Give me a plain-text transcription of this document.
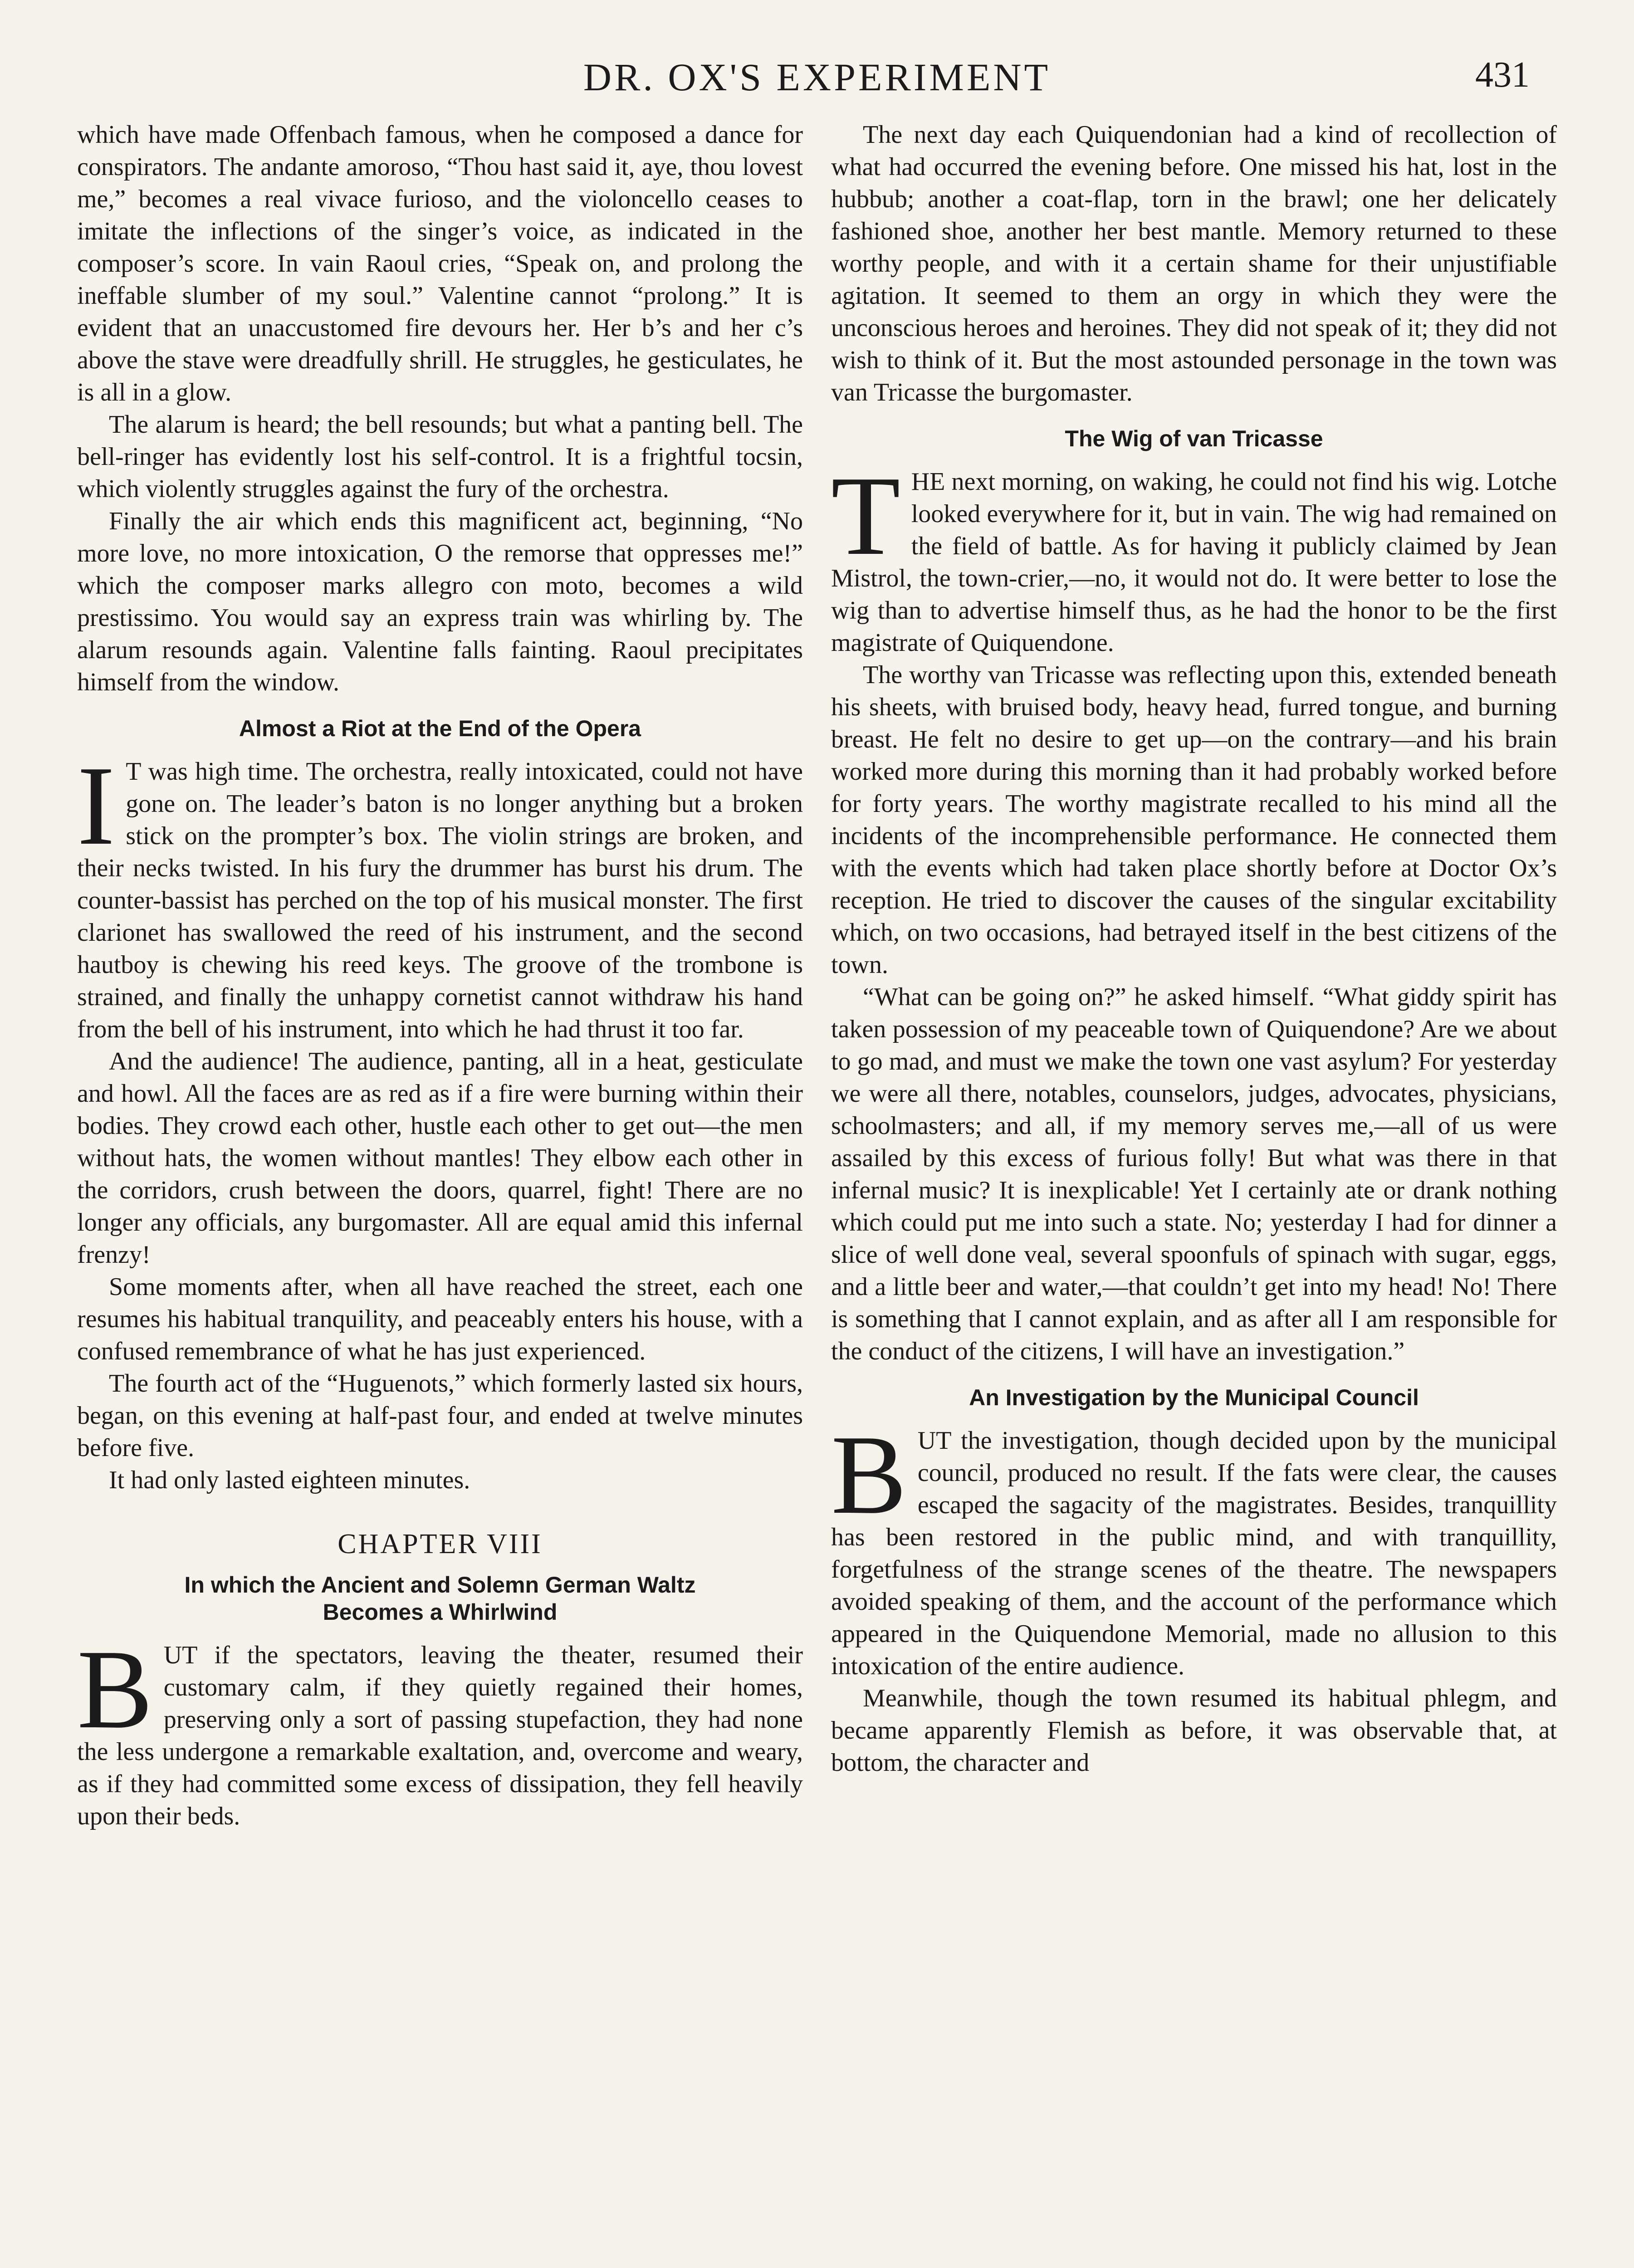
DR. OX'S EXPERIMENT	431

which have made Offenbach famous, when he composed a dance for conspirators. The andante amoroso, “Thou hast said it, aye, thou lovest me,” becomes a real vivace furioso, and the violoncello ceases to imitate the inflections of the singer’s voice, as indicated in the composer’s score. In vain Raoul cries, “Speak on, and prolong the ineffable slumber of my soul.” Valentine cannot “prolong.” It is evident that an unaccustomed fire devours her. Her b’s and her c’s above the stave were dreadfully shrill. He struggles, he gesticulates, he is all in a glow.

The alarum is heard; the bell resounds; but what a panting bell. The bell-ringer has evidently lost his self-control. It is a frightful tocsin, which violently struggles against the fury of the orchestra.

Finally the air which ends this magnificent act, beginning, “No more love, no more intoxication, O the remorse that oppresses me!” which the composer marks allegro con moto, becomes a wild prestissimo. You would say an express train was whirling by. The alarum resounds again. Valentine falls fainting. Raoul precipitates himself from the window.

Almost a Riot at the End of the Opera

I T was high time. The orchestra, really intoxicated, could not have gone on. The leader’s baton is no longer anything but a broken stick on the prompter’s box. The violin strings are broken, and their necks twisted. In his fury the drummer has burst his drum. The counter-bassist has perched on the top of his musical monster. The first clarionet has swallowed the reed of his instrument, and the second hautboy is chewing his reed keys. The groove of the trombone is strained, and finally the unhappy cornetist cannot withdraw his hand from the bell of his instrument, into which he had thrust it too far.

And the audience! The audience, panting, all in a heat, gesticulate and howl. All the faces are as red as if a fire were burning within their bodies. They crowd each other, hustle each other to get out—the men without hats, the women without mantles! They elbow each other in the corridors, crush between the doors, quarrel, fight! There are no longer any officials, any burgomaster. All are equal amid this infernal frenzy!

Some moments after, when all have reached the street, each one resumes his habitual tranquility, and peaceably enters his house, with a confused remembrance of what he has just experienced.

The fourth act of the “Huguenots,” which formerly lasted six hours, began, on this evening at half-past four, and ended at twelve minutes before five.

It had only lasted eighteen minutes.

CHAPTER VIII
In which the Ancient and Solemn German Waltz
Becomes a Whirlwind

B UT if the spectators, leaving the theater, resumed their customary calm, if they quietly regained their homes, preserving only a sort of passing stupefaction, they had none the less undergone a remarkable exaltation, and, overcome and weary, as if they had committed some excess of dissipation, they fell heavily upon their beds.

The next day each Quiquendonian had a kind of recollection of what had occurred the evening before. One missed his hat, lost in the hubbub; another a coat-flap, torn in the brawl; one her delicately fashioned shoe, another her best mantle. Memory returned to these worthy people, and with it a certain shame for their unjustifiable agitation. It seemed to them an orgy in which they were the unconscious heroes and heroines. They did not speak of it; they did not wish to think of it. But the most astounded personage in the town was van Tricasse the burgomaster.

The Wig of van Tricasse

T HE next morning, on waking, he could not find his wig. Lotche looked everywhere for it, but in vain. The wig had remained on the field of battle. As for having it publicly claimed by Jean Mistrol, the town-crier,—no, it would not do. It were better to lose the wig than to advertise himself thus, as he had the honor to be the first magistrate of Quiquendone.

The worthy van Tricasse was reflecting upon this, extended beneath his sheets, with bruised body, heavy head, furred tongue, and burning breast. He felt no desire to get up—on the contrary—and his brain worked more during this morning than it had probably worked before for forty years. The worthy magistrate recalled to his mind all the incidents of the incomprehensible performance. He connected them with the events which had taken place shortly before at Doctor Ox’s reception. He tried to discover the causes of the singular excitability which, on two occasions, had betrayed itself in the best citizens of the town.

“What can be going on?” he asked himself. “What giddy spirit has taken possession of my peaceable town of Quiquendone? Are we about to go mad, and must we make the town one vast asylum? For yesterday we were all there, notables, counselors, judges, advocates, physicians, schoolmasters; and all, if my memory serves me,—all of us were assailed by this excess of furious folly! But what was there in that infernal music? It is inexplicable! Yet I certainly ate or drank nothing which could put me into such a state. No; yesterday I had for dinner a slice of well done veal, several spoonfuls of spinach with sugar, eggs, and a little beer and water,—that couldn’t get into my head! No! There is something that I cannot explain, and as after all I am responsible for the conduct of the citizens, I will have an investigation.”

An Investigation by the Municipal Council

B UT the investigation, though decided upon by the municipal council, produced no result. If the fats were clear, the causes escaped the sagacity of the magistrates. Besides, tranquillity has been restored in the public mind, and with tranquillity, forgetfulness of the strange scenes of the theatre. The newspapers avoided speaking of them, and the account of the performance which appeared in the Quiquendone Memorial, made no allusion to this intoxication of the entire audience.

Meanwhile, though the town resumed its habitual phlegm, and became apparently Flemish as before, it was observable that, at bottom, the character and
